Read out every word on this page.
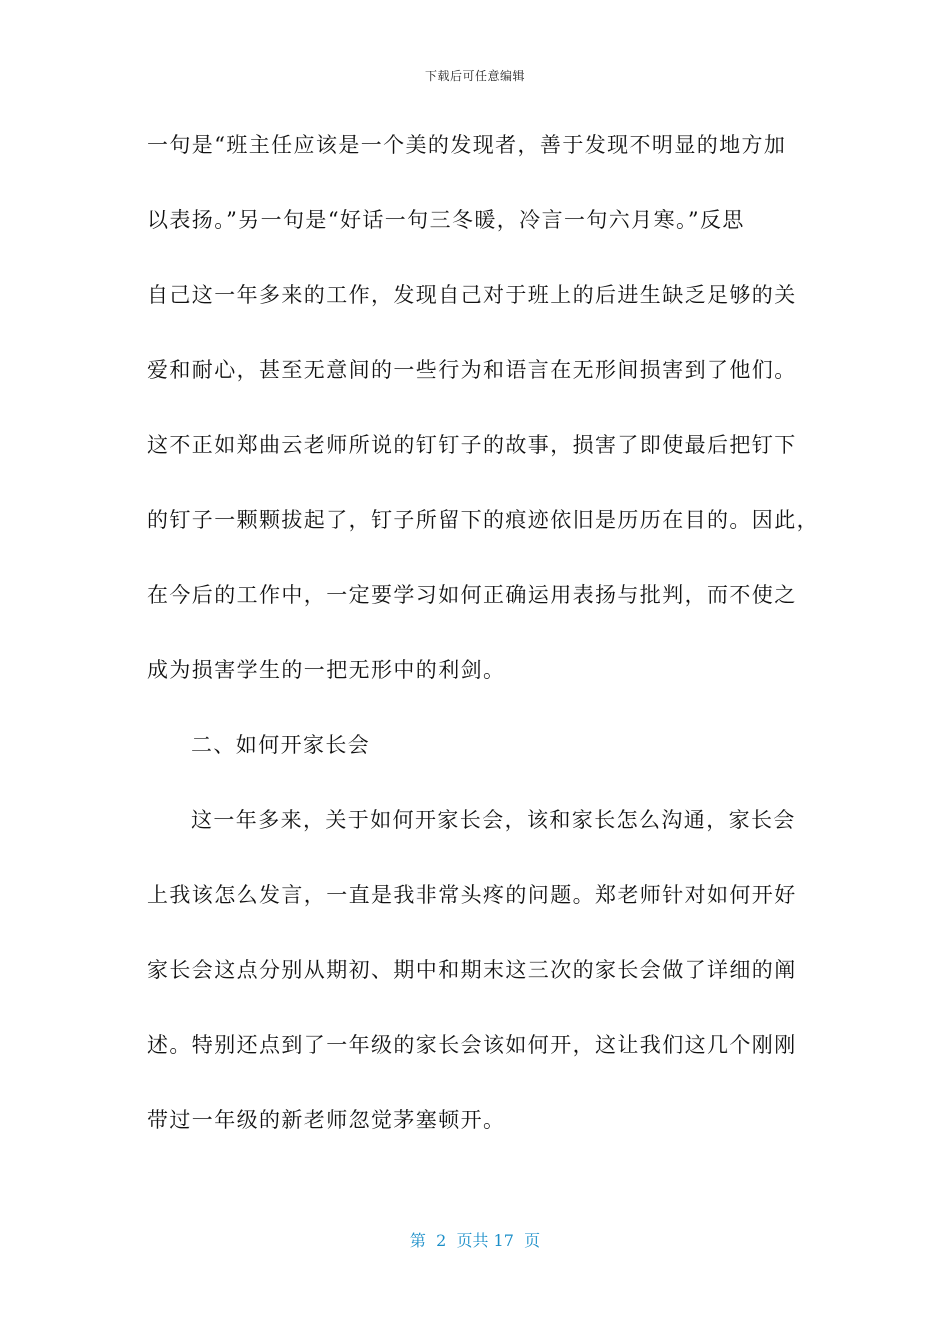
下载后可任意编辑
一句是“班主任应该是一个美的发现者，善于发现不明显的地方加
以表扬。”另一句是“好话一句三冬暖，冷言一句六月寒。”反思
自己这一年多来的工作，发现自己对于班上的后进生缺乏足够的关
爱和耐心，甚至无意间的一些行为和语言在无形间损害到了他们。
这不正如郑曲云老师所说的钉钉子的故事，损害了即使最后把钉下
的钉子一颗颗拔起了，钉子所留下的痕迹依旧是历历在目的。因此，
在今后的工作中，一定要学习如何正确运用表扬与批判，而不使之
成为损害学生的一把无形中的利剑。
二、如何开家长会
这一年多来，关于如何开家长会，该和家长怎么沟通，家长会
上我该怎么发言，一直是我非常头疼的问题。郑老师针对如何开好
家长会这点分别从期初、期中和期末这三次的家长会做了详细的阐
述。特别还点到了一年级的家长会该如何开，这让我们这几个刚刚
带过一年级的新老师忽觉茅塞顿开。
第  2  页共 17  页
